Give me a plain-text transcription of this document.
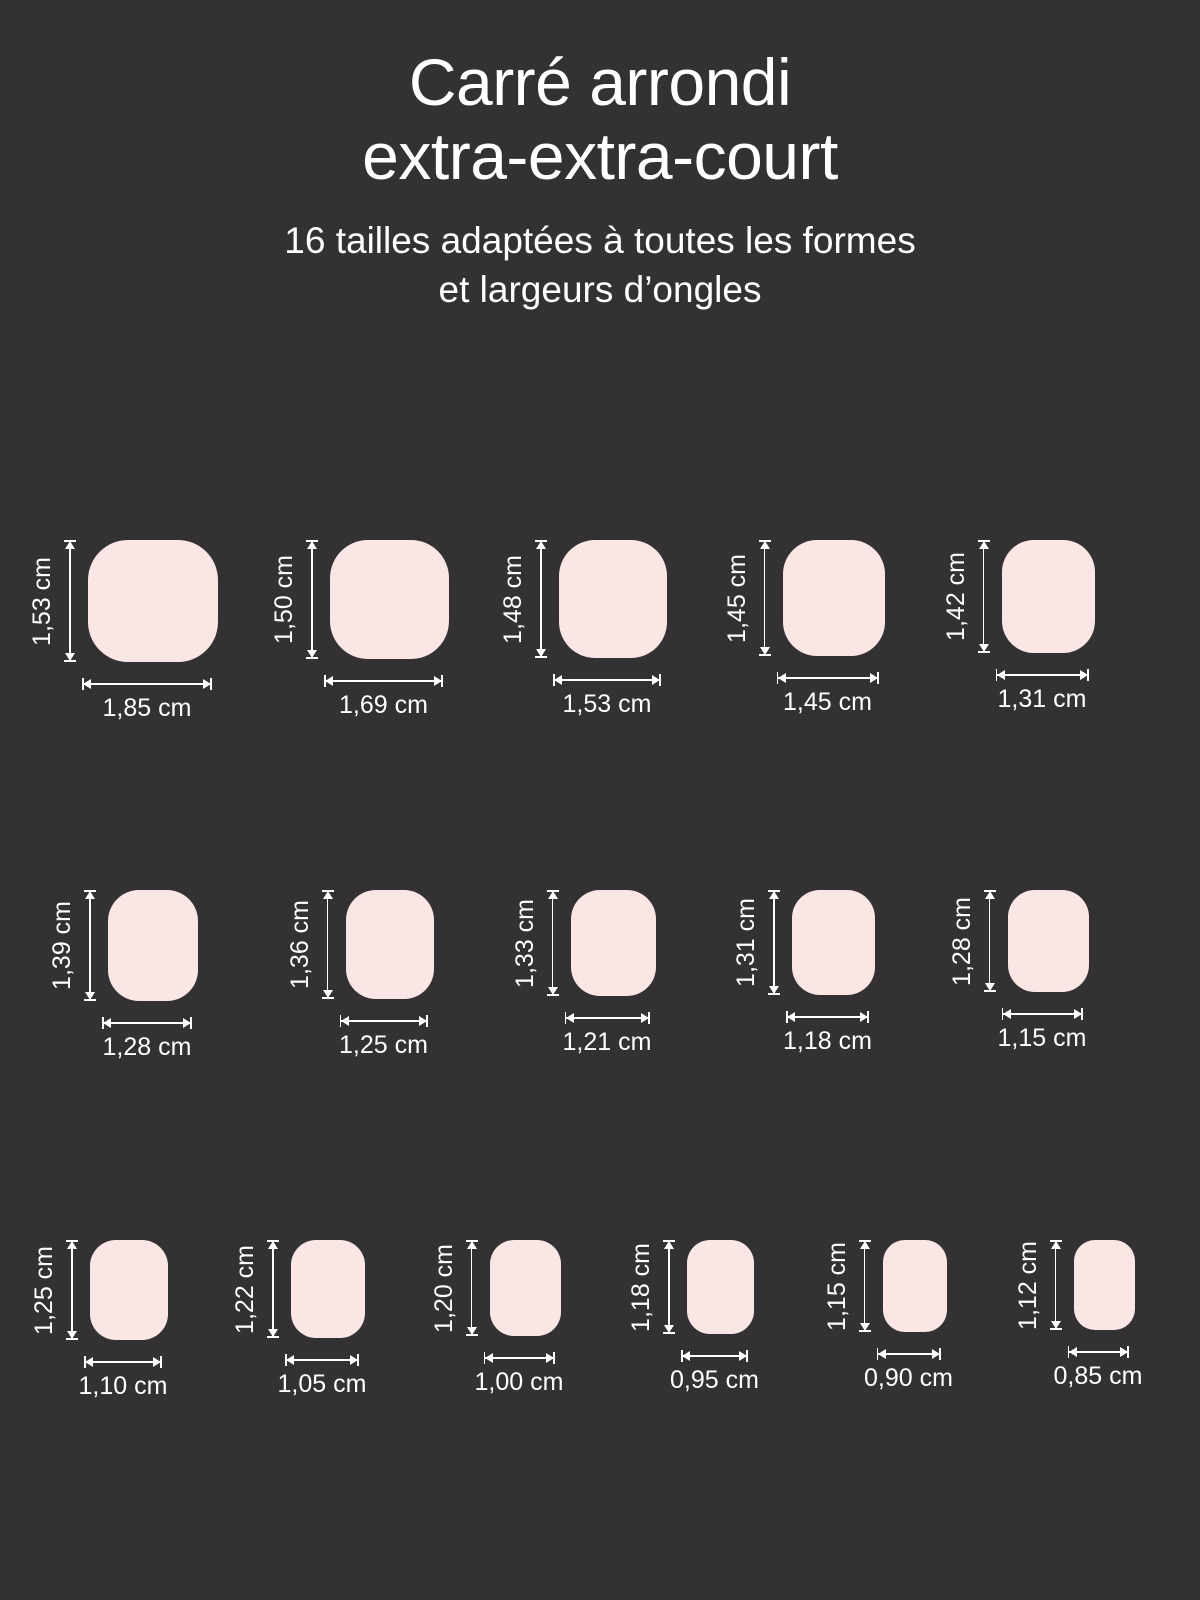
Carré arrondi
extra-extra-court

16 tailles adaptées à toutes les formes
et largeurs d’ongles

1,53 cm
1,85 cm
1,50 cm
1,69 cm
1,48 cm
1,53 cm
1,45 cm
1,45 cm
1,42 cm
1,31 cm
1,39 cm
1,28 cm
1,36 cm
1,25 cm
1,33 cm
1,21 cm
1,31 cm
1,18 cm
1,28 cm
1,15 cm
1,25 cm
1,10 cm
1,22 cm
1,05 cm
1,20 cm
1,00 cm
1,18 cm
0,95 cm
1,15 cm
0,90 cm
1,12 cm
0,85 cm
